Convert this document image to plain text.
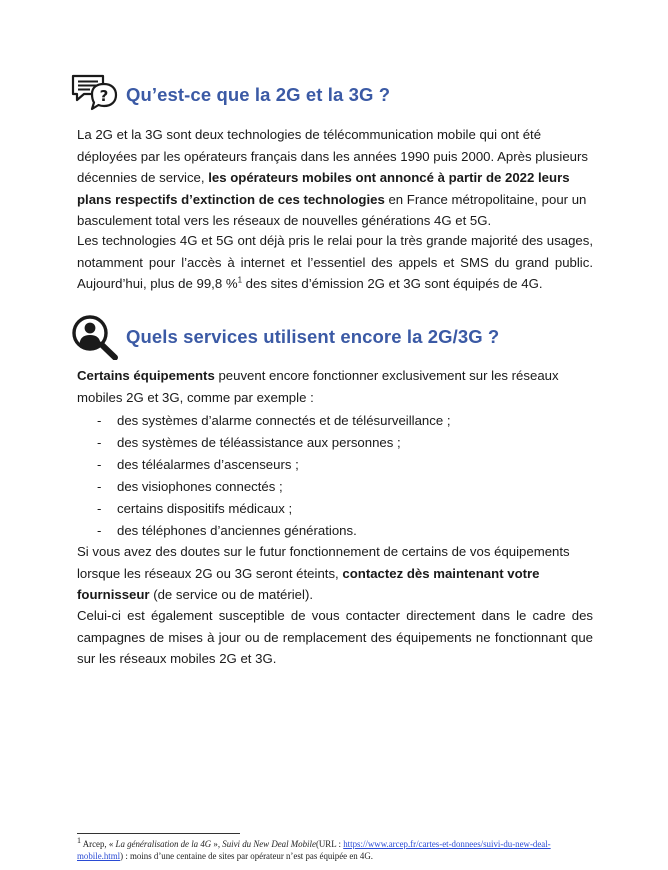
? Qu’est-ce que la 2G et la 3G ?

La 2G et la 3G sont deux technologies de télécommunication mobile qui ont été déployées par les opérateurs français dans les années 1990 puis 2000. Après plusieurs décennies de service, les opérateurs mobiles ont annoncé à partir de 2022 leurs plans respectifs d’extinction de ces technologies en France métropolitaine, pour un basculement total vers les réseaux de nouvelles générations 4G et 5G.

Les technologies 4G et 5G ont déjà pris le relai pour la très grande majorité des usages, notamment pour l’accès à internet et l’essentiel des appels et SMS du grand public. Aujourd’hui, plus de 99,8 %$^1$ des sites d’émission 2G et 3G sont équipés de 4G.

Quels services utilisent encore la 2G/3G ?

Certains équipements peuvent encore fonctionner exclusivement sur les réseaux mobiles 2G et 3G, comme par exemple :

- des systèmes d’alarme connectés et de télésurveillance ;
- des systèmes de téléassistance aux personnes ;
- des téléalarmes d’ascenseurs ;
- des visiophones connectés ;
- certains dispositifs médicaux ;
- des téléphones d’anciennes générations.

Si vous avez des doutes sur le futur fonctionnement de certains de vos équipements lorsque les réseaux 2G ou 3G seront éteints, contactez dès maintenant votre fournisseur (de service ou de matériel).

Celui-ci est également susceptible de vous contacter directement dans le cadre des campagnes de mises à jour ou de remplacement des équipements ne fonctionnant que sur les réseaux mobiles 2G et 3G.

$^1$ Arcep, « La généralisation de la 4G », Suivi du New Deal Mobile(URL : https://www.arcep.fr/cartes-et-donnees/suivi-du-new-deal-mobile.html) : moins d’une centaine de sites par opérateur n’est pas équipée en 4G.
